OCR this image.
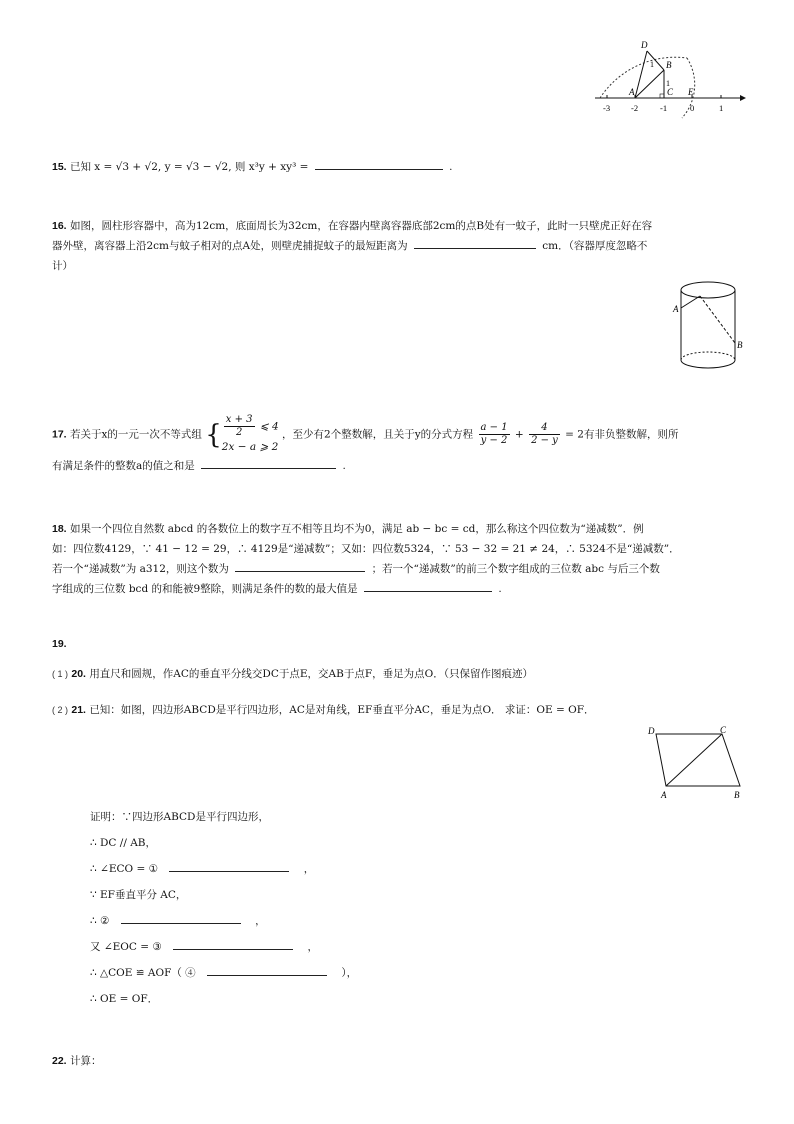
D
B
A	C E
1
1
-3 -2	-1	0	1
15. 已知 x = √3 + √2, y = √3 − √2, 则 x³y + xy³ =	.
16. 如图，圆柱形容器中，高为12cm，底面周长为32cm，在容器内壁离容器底部2cm的点B处有一蚊子，此时一只壁虎正好在容
器外壁，离容器上沿2cm与蚊子相对的点A处，则壁虎捕捉蚊子的最短距离为	cm．（容器厚度忽略不
计）
A
B
17. 若关于x的一元一次不等式组 { $\frac{x + 3}{2}$ ⩽ 4
2x − a ⩾ 2
，至少有2个整数解，且关于y的分式方程 $\frac{a - 1}{y - 2} + \frac{4}{2 - y} = 2$有非负整数解，则所
有满足条件的整数a的值之和是	.
18. 如果一个四位自然数 abcd 的各数位上的数字互不相等且均不为0，满足 ab − bc = cd，那么称这个四位数为“递减数”．例
如：四位数4129，∵ 41 − 12 = 29，∴ 4129是“递减数”；又如：四位数5324，∵ 53 − 32 = 21 ≠ 24，∴ 5324不是“递减数”．
若一个“递减数”为 a312，则这个数为	；若一个“递减数”的前三个数字组成的三位数 abc 与后三个数
字组成的三位数 bcd 的和能被9整除，则满足条件的数的最大值是	.
19.
( 1 ) 20. 用直尺和圆规，作AC的垂直平分线交DC于点E，交AB于点F，垂足为点O．（只保留作图痕迹）
( 2 ) 21. 已知：如图，四边形ABCD是平行四边形，AC是对角线，EF垂直平分AC，垂足为点O． 求证：OE = OF．
D	C
A	B
证明：∵四边形ABCD是平行四边形，
∴ DC // AB，
∴ ∠ECO = ①	，
∵ EF垂直平分 AC，
∴ ②	，
又 ∠EOC = ③	，
∴ △COE ≌ AOF（ ④	），
∴ OE = OF．
22. 计算：
